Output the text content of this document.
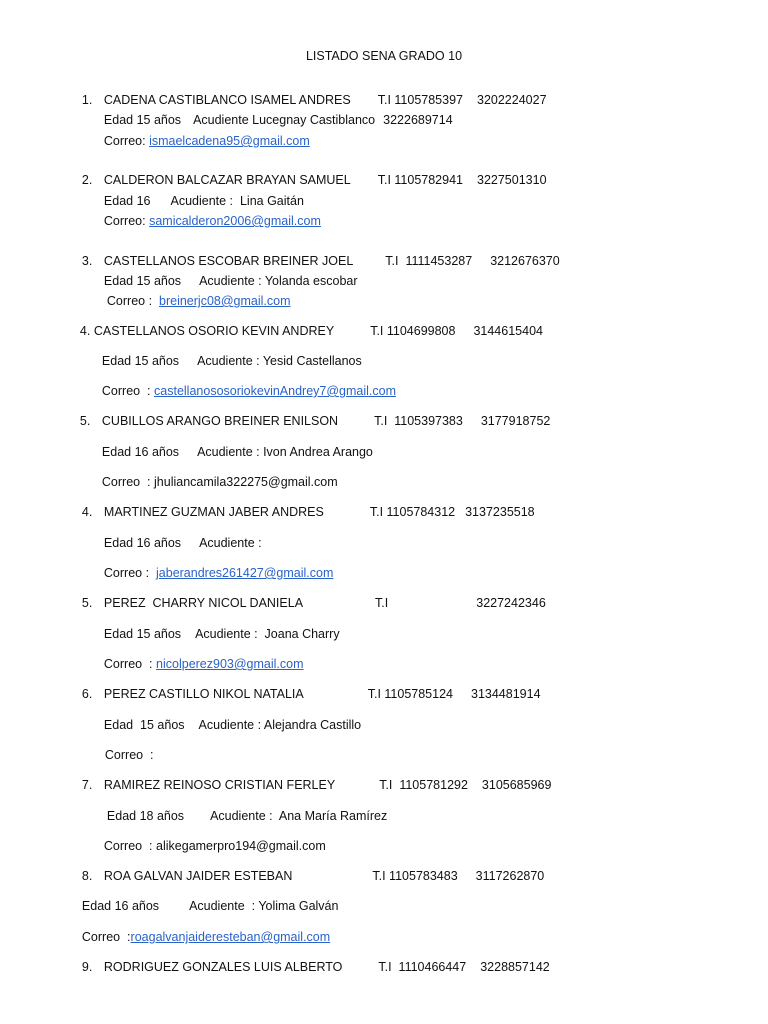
LISTADO SENA GRADO 10

1. CADENA CASTIBLANCO ISAMEL ANDRES T.I 1105785397 3202224027

Edad 15 años Acudiente Lucegnay Castiblanco 3222689714

Correo: ismaelcadena95@gmail.com

2. CALDERON BALCAZAR BRAYAN SAMUEL T.I 1105782941 3227501310

Edad 16 Acudiente :  Lina Gaitán

Correo: samicalderon2006@gmail.com

3. CASTELLANOS ESCOBAR BREINER JOEL	T.I  1111453287 3212676370

Edad 15 años Acudiente : Yolanda escobar

Correo : breinerjc08@gmail.com

4. CASTELLANOS OSORIO KEVIN ANDREY	T.I 1104699808 3144615404

Edad 15 años Acudiente : Yesid Castellanos

Correo  : castellanososoriokevinAndrey7@gmail.com

5. CUBILLOS ARANGO BREINER ENILSON	T.I  1105397383 3177918752

Edad 16 años Acudiente : Ivon Andrea Arango

Correo  : jhuliancamila322275@gmail.com

4. MARTINEZ GUZMAN JABER ANDRES	T.I 1105784312 3137235518

Edad 16 años Acudiente :

Correo : jaberandres261427@gmail.com

5. PEREZ  CHARRY NICOL DANIELA	T.I	3227242346

Edad 15 años Acudiente :  Joana Charry

Correo  : nicolperez903@gmail.com

6. PEREZ CASTILLO NIKOL NATALIA	T.I 1105785124 3134481914

Edad  15 años Acudiente : Alejandra Castillo

Correo  :

7. RAMIREZ REINOSO CRISTIAN FERLEY	T.I  1105781292 3105685969

Edad 18 años Acudiente :  Ana María Ramírez

Correo  : alikegamerpro194@gmail.com

8. ROA GALVAN JAIDER ESTEBAN	T.I 1105783483 3117262870

Edad 16 años Acudiente  : Yolima Galván

Correo  :roagalvanjaideresteban@gmail.com

9. RODRIGUEZ GONZALES LUIS ALBERTO	T.I  1110466447 3228857142
